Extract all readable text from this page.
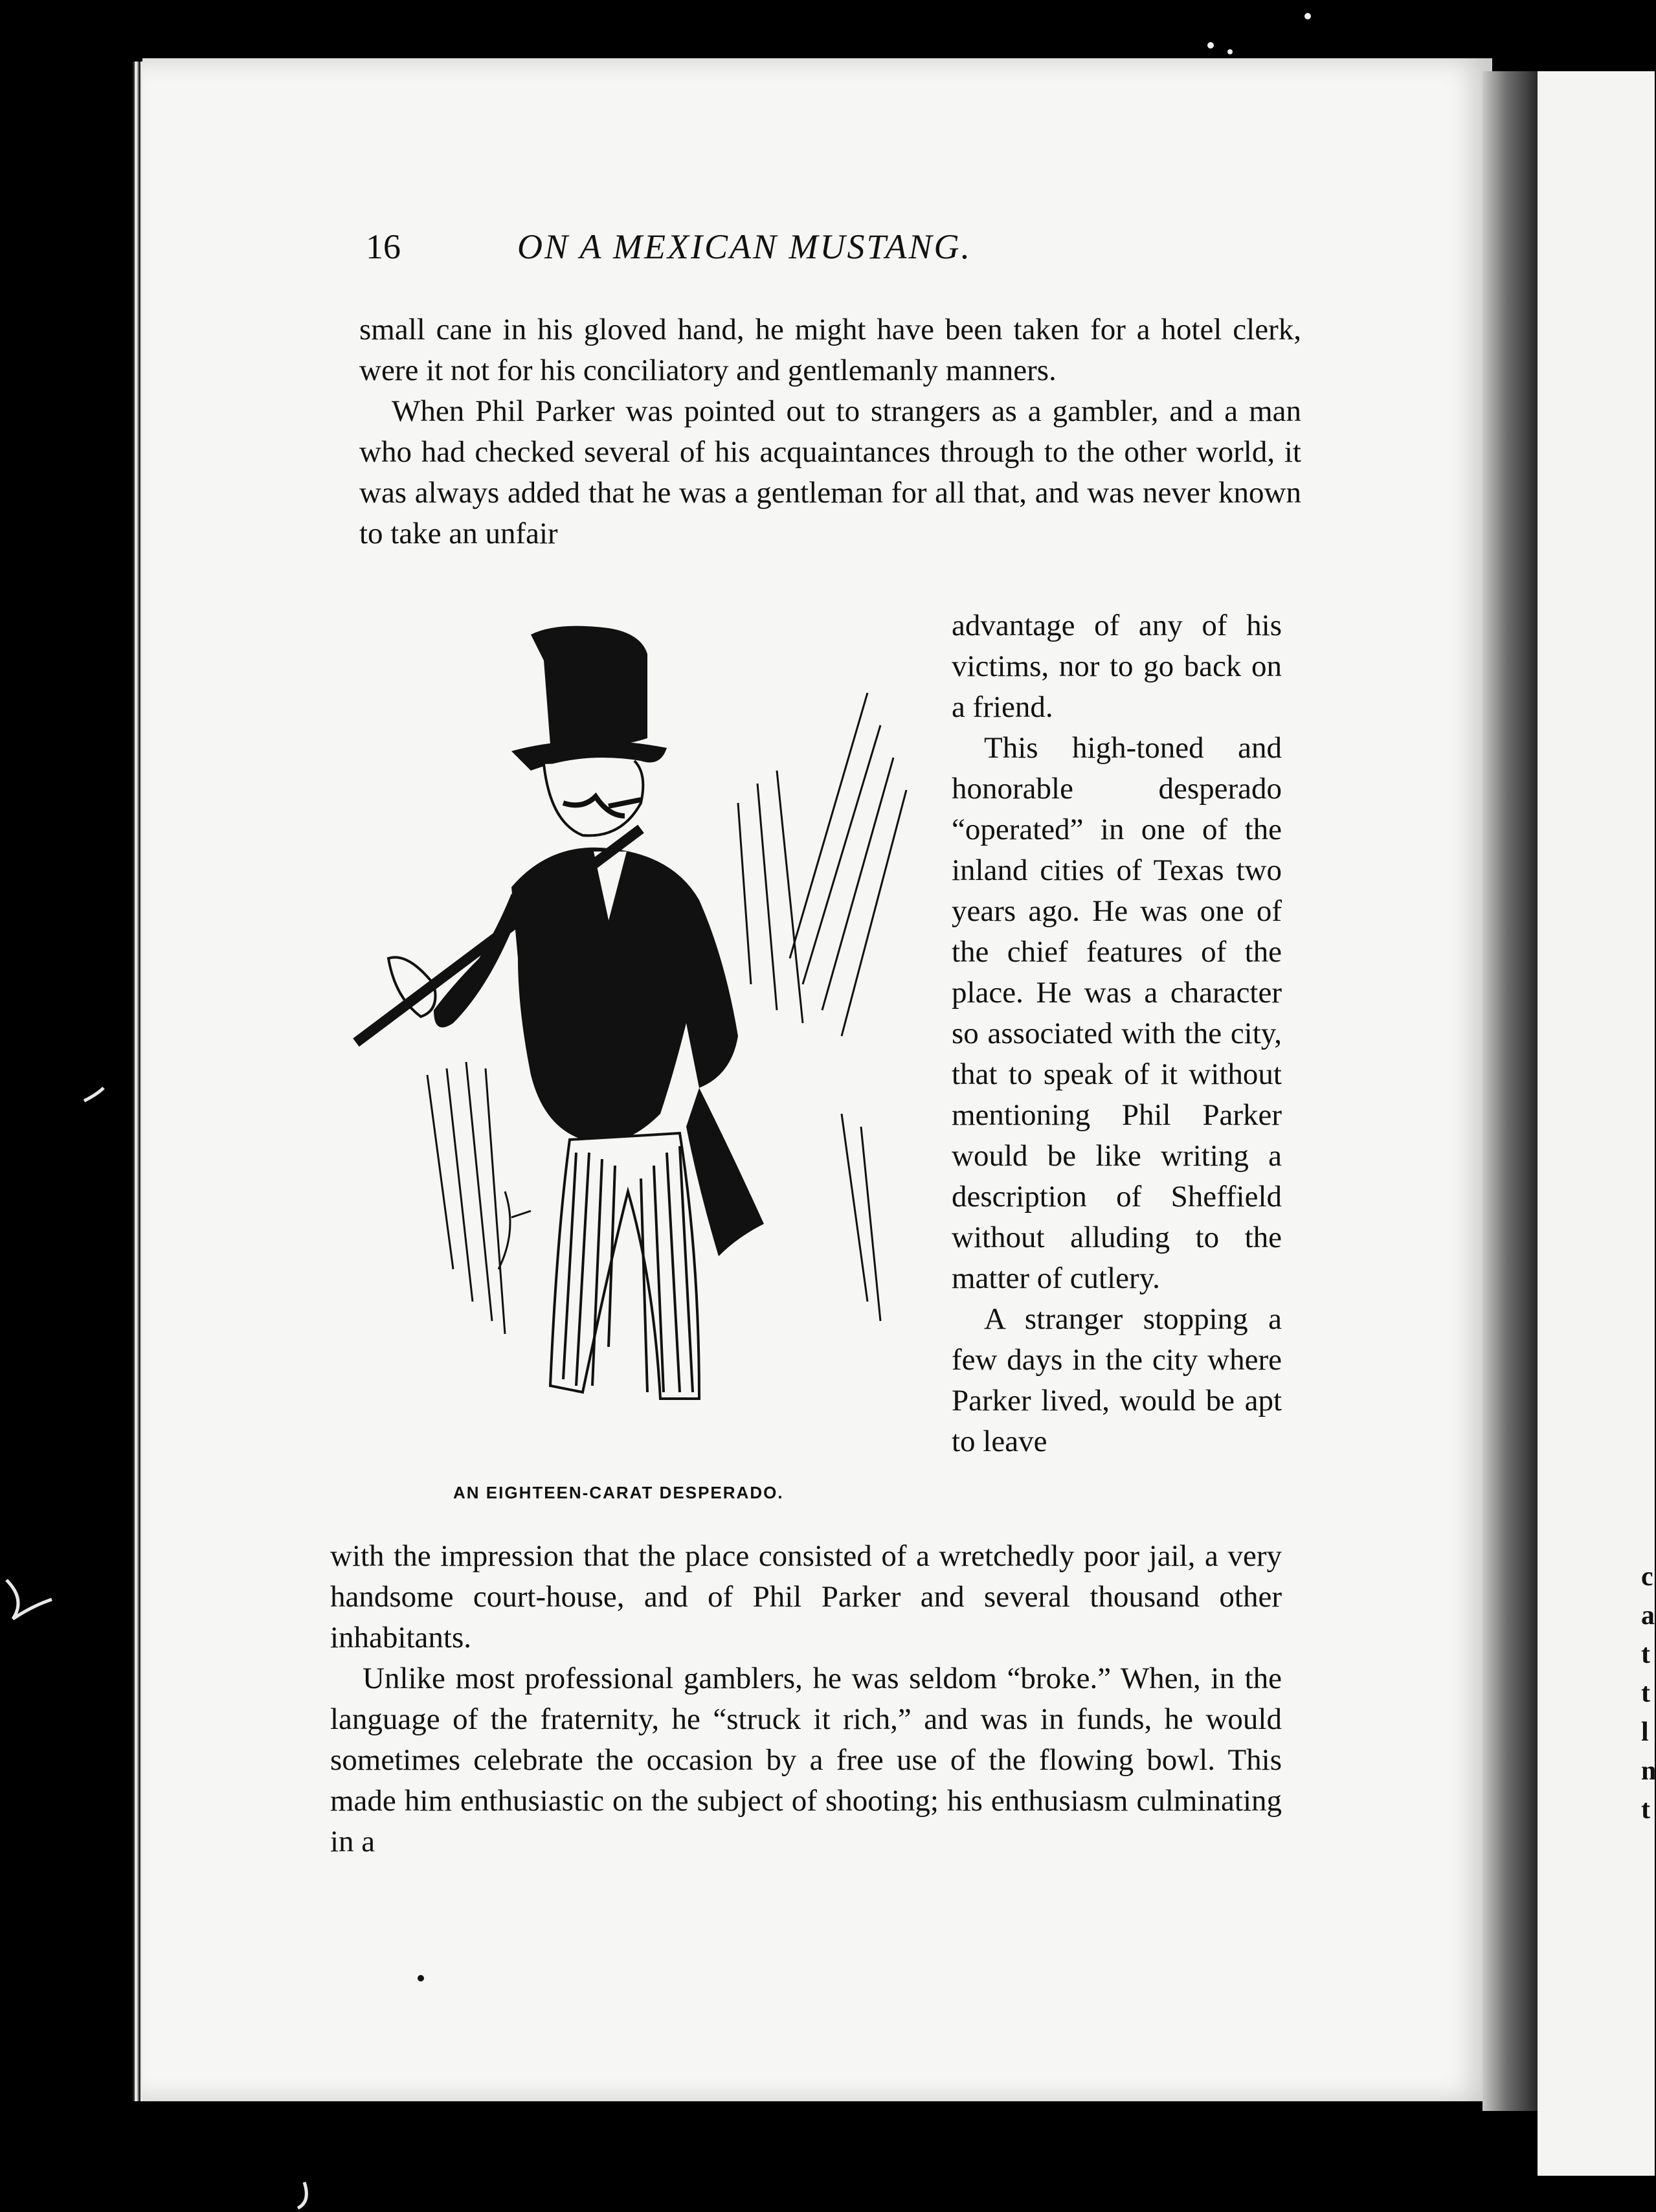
c
a
t
t
l
n
t
16	ON A MEXICAN MUSTANG.

small cane in his gloved hand, he might have been taken for a hotel clerk, were it not for his conciliatory and gentlemanly manners.

When Phil Parker was pointed out to strangers as a gambler, and a man who had checked several of his acquaintances through to the other world, it was always added that he was a gentleman for all that, and was never known to take an unfair

advantage of any of his victims, nor to go back on a friend.

This high-toned and honorable desperado “operated” in one of the inland cities of Texas two years ago. He was one of the chief features of the place. He was a character so associated with the city, that to speak of it without mentioning Phil Parker would be like writing a description of Sheffield without alluding to the matter of cutlery.

A stranger stopping a few days in the city where Parker lived, would be apt to leave

AN EIGHTEEN-CARAT DESPERADO.

with the impression that the place consisted of a wretchedly poor jail, a very handsome court-house, and of Phil Parker and several thousand other inhabitants.

Unlike most professional gamblers, he was seldom “broke.” When, in the language of the fraternity, he “struck it rich,” and was in funds, he would sometimes celebrate the occasion by a free use of the flowing bowl. This made him enthusiastic on the subject of shooting; his enthusiasm culminating in a
